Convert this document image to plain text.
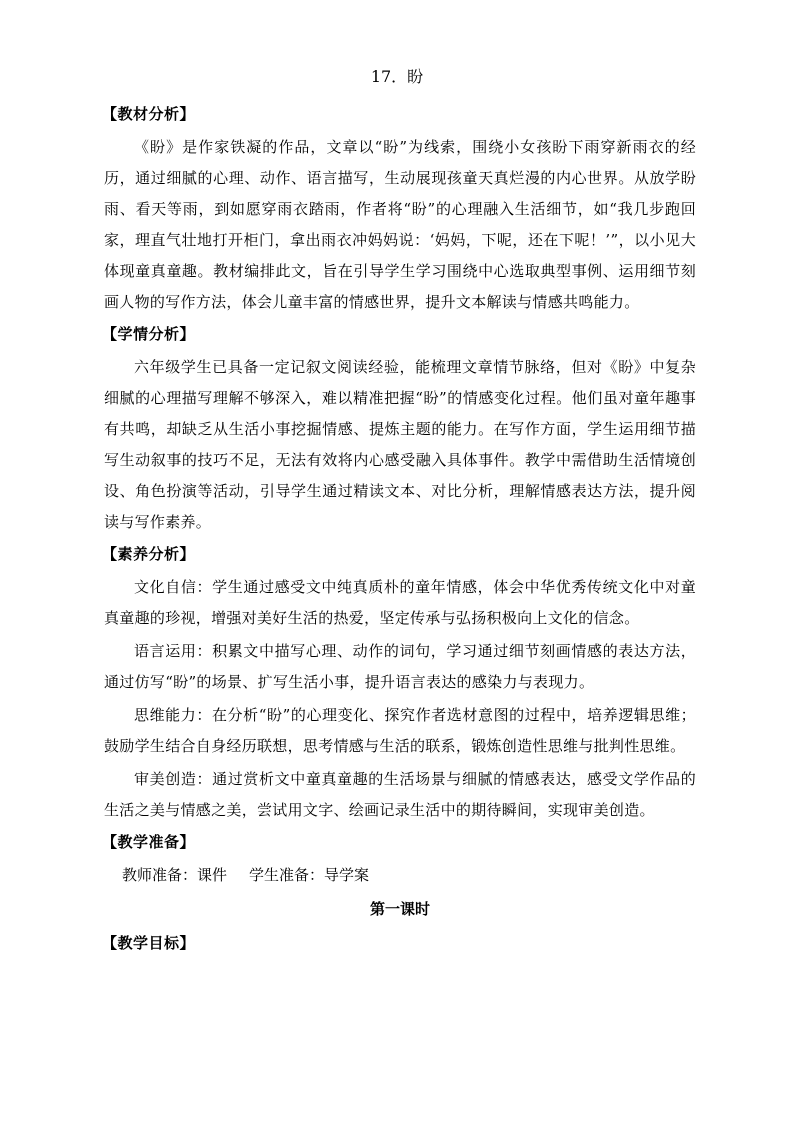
17．盼
【教材分析】

《盼》是作家铁凝的作品，文章以“盼”为线索，围绕小女孩盼下雨穿新雨衣的经历，通过细腻的心理、动作、语言描写，生动展现孩童天真烂漫的内心世界。从放学盼雨、看天等雨，到如愿穿雨衣踏雨，作者将“盼”的心理融入生活细节，如“我几步跑回家，理直气壮地打开柜门，拿出雨衣冲妈妈说：‘妈妈，下呢，还在下呢！’”，以小见大体现童真童趣。教材编排此文，旨在引导学生学习围绕中心选取典型事例、运用细节刻画人物的写作方法，体会儿童丰富的情感世界，提升文本解读与情感共鸣能力。

【学情分析】

六年级学生已具备一定记叙文阅读经验，能梳理文章情节脉络，但对《盼》中复杂细腻的心理描写理解不够深入，难以精准把握“盼”的情感变化过程。他们虽对童年趣事有共鸣，却缺乏从生活小事挖掘情感、提炼主题的能力。在写作方面，学生运用细节描写生动叙事的技巧不足，无法有效将内心感受融入具体事件。教学中需借助生活情境创设、角色扮演等活动，引导学生通过精读文本、对比分析，理解情感表达方法，提升阅读与写作素养。

【素养分析】

文化自信：学生通过感受文中纯真质朴的童年情感，体会中华优秀传统文化中对童真童趣的珍视，增强对美好生活的热爱，坚定传承与弘扬积极向上文化的信念。

语言运用：积累文中描写心理、动作的词句，学习通过细节刻画情感的表达方法，通过仿写“盼”的场景、扩写生活小事，提升语言表达的感染力与表现力。

思维能力：在分析“盼”的心理变化、探究作者选材意图的过程中，培养逻辑思维；鼓励学生结合自身经历联想，思考情感与生活的联系，锻炼创造性思维与批判性思维。

审美创造：通过赏析文中童真童趣的生活场景与细腻的情感表达，感受文学作品的生活之美与情感之美，尝试用文字、绘画记录生活中的期待瞬间，实现审美创造。

【教学准备】
教师准备：课件 学生准备：导学案
第一课时
【教学目标】
